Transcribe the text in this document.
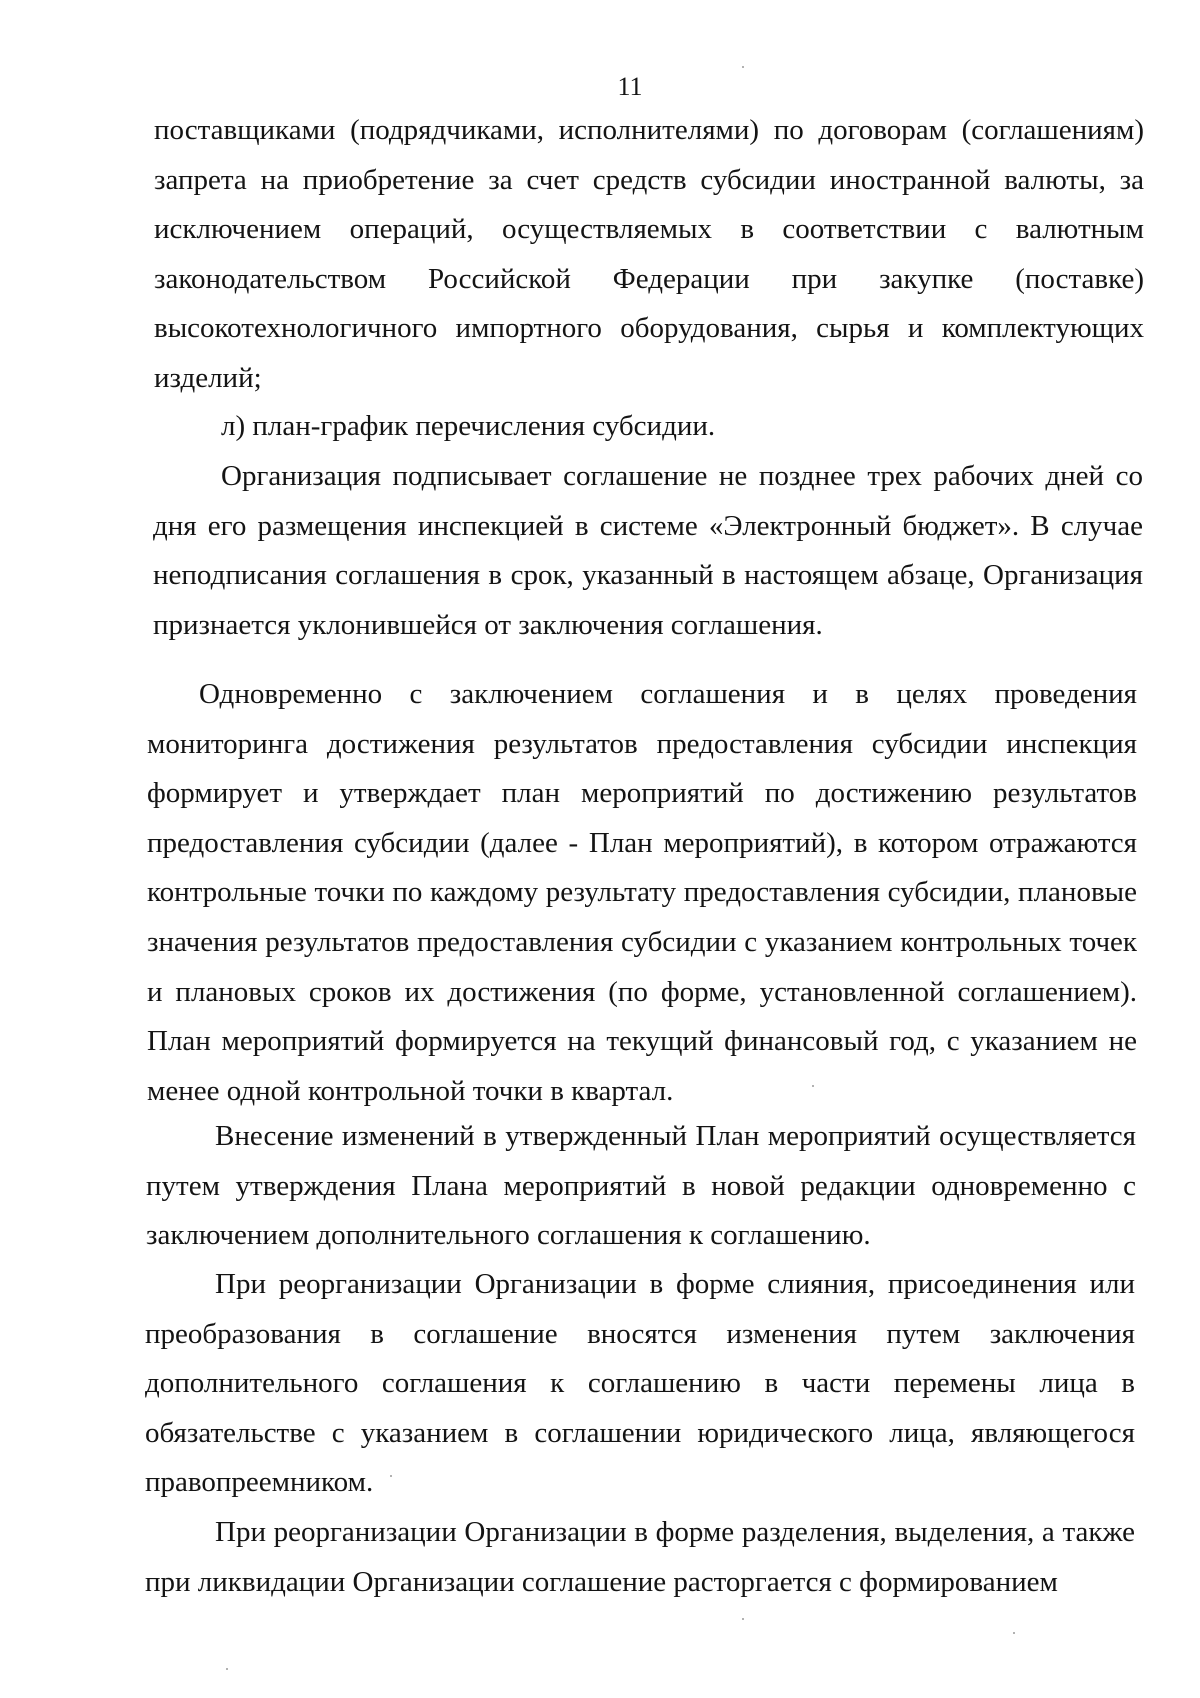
11

поставщиками (подрядчиками, исполнителями) по договорам (соглашениям) запрета на приобретение за счет средств субсидии иностранной валюты, за исключением операций, осуществляемых в соответствии с валютным законодательством Российской Федерации при закупке (поставке) высокотехнологичного импортного оборудования, сырья и комплектующих изделий;

л) план-график перечисления субсидии.

Организация подписывает соглашение не позднее трех рабочих дней со дня его размещения инспекцией в системе «Электронный бюджет». В случае неподписания соглашения в срок, указанный в настоящем абзаце, Организация признается уклонившейся от заключения соглашения.

Одновременно с заключением соглашения и в целях проведения мониторинга достижения результатов предоставления субсидии инспекция формирует и утверждает план мероприятий по достижению результатов предоставления субсидии (далее - План мероприятий), в котором отражаются контрольные точки по каждому результату предоставления субсидии, плановые значения результатов предоставления субсидии с указанием контрольных точек и плановых сроков их достижения (по форме, установленной соглашением). План мероприятий формируется на текущий финансовый год, с указанием не менее одной контрольной точки в квартал.

Внесение изменений в утвержденный План мероприятий осуществляется путем утверждения Плана мероприятий в новой редакции одновременно с заключением дополнительного соглашения к соглашению.

При реорганизации Организации в форме слияния, присоединения или преобразования в соглашение вносятся изменения путем заключения дополнительного соглашения к соглашению в части перемены лица в обязательстве с указанием в соглашении юридического лица, являющегося правопреемником.

При реорганизации Организации в форме разделения, выделения, а также при ликвидации Организации соглашение расторгается с формированием
